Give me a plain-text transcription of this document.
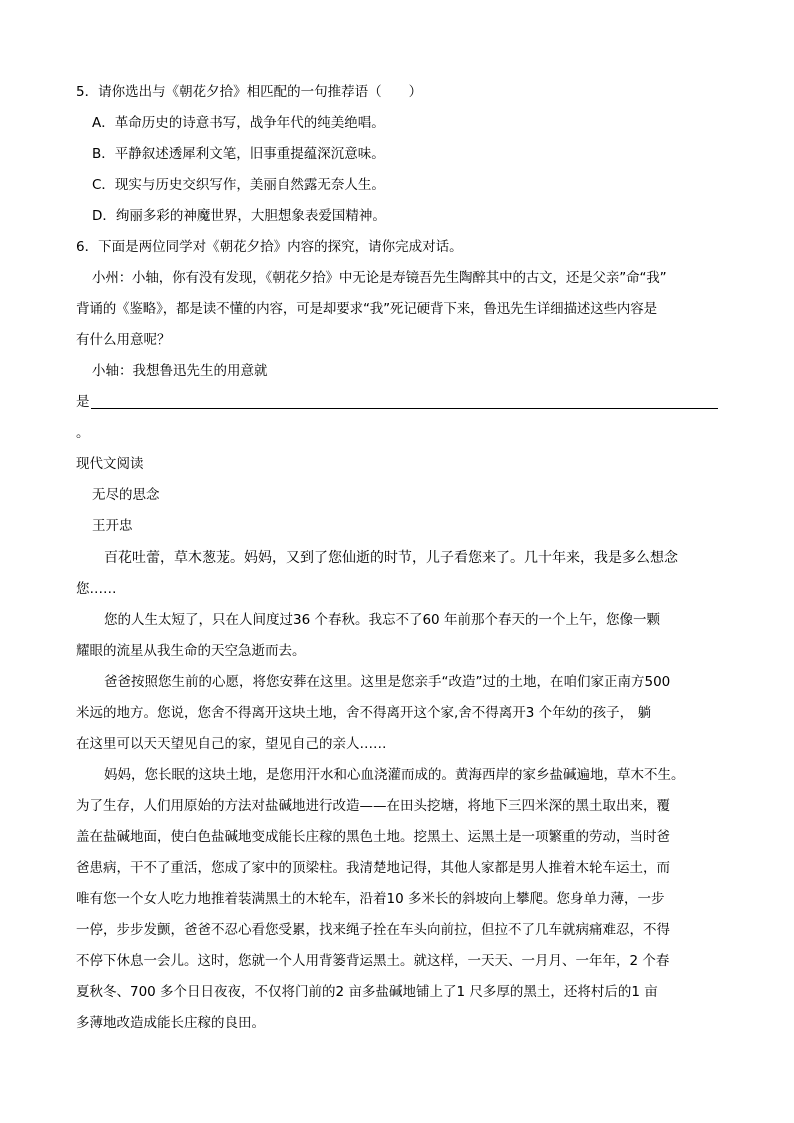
5．请你选出与《朝花夕拾》相匹配的一句推荐语（　　）
A．革命历史的诗意书写，战争年代的纯美绝唱。
B．平静叙述透犀利文笔，旧事重提蕴深沉意味。
C．现实与历史交织写作，美丽自然露无奈人生。
D．绚丽多彩的神魔世界，大胆想象表爱国精神。
6．下面是两位同学对《朝花夕拾》内容的探究，请你完成对话。
小州：小轴，你有没有发现，《朝花夕拾》中无论是寿镜吾先生陶醉其中的古文，还是父亲”命“我”
背诵的《鉴略》，都是读不懂的内容，可是却要求“我”死记硬背下来，鲁迅先生详细描述这些内容是
有什么用意呢？
小轴：我想鲁迅先生的用意就
是
。
现代文阅读
无尽的思念
王开忠
百花吐蕾，草木葱茏。妈妈，又到了您仙逝的时节，儿子看您来了。几十年来，我是多么想念
您……
您的人生太短了，只在人间度过36 个春秋。我忘不了60 年前那个春天的一个上午，您像一颗
耀眼的流星从我生命的天空急逝而去。
爸爸按照您生前的心愿，将您安葬在这里。这里是您亲手“改造”过的土地，在咱们家正南方500
米远的地方。您说，您舍不得离开这块土地，舍不得离开这个家,舍不得离开3 个年幼的孩子， 躺
在这里可以天天望见自己的家，望见自己的亲人……
妈妈，您长眠的这块土地，是您用汗水和心血浇灌而成的。黄海西岸的家乡盐碱遍地，草木不生。
为了生存，人们用原始的方法对盐碱地进行改造——在田头挖塘，将地下三四米深的黑土取出来，覆
盖在盐碱地面，使白色盐碱地变成能长庄稼的黑色土地。挖黑土、运黑土是一项繁重的劳动，当时爸
爸患病，干不了重活，您成了家中的顶梁柱。我清楚地记得，其他人家都是男人推着木轮车运土，而
唯有您一个女人吃力地推着装满黑土的木轮车，沿着10 多米长的斜坡向上攀爬。您身单力薄，一步
一停，步步发颤，爸爸不忍心看您受累，找来绳子拴在车头向前拉，但拉不了几车就病痛难忍，不得
不停下休息一会儿。这时，您就一个人用背篓背运黑土。就这样，一天天、一月月、一年年，2 个春
夏秋冬、700 多个日日夜夜，不仅将门前的2 亩多盐碱地铺上了1 尺多厚的黑土，还将村后的1 亩
多薄地改造成能长庄稼的良田。
